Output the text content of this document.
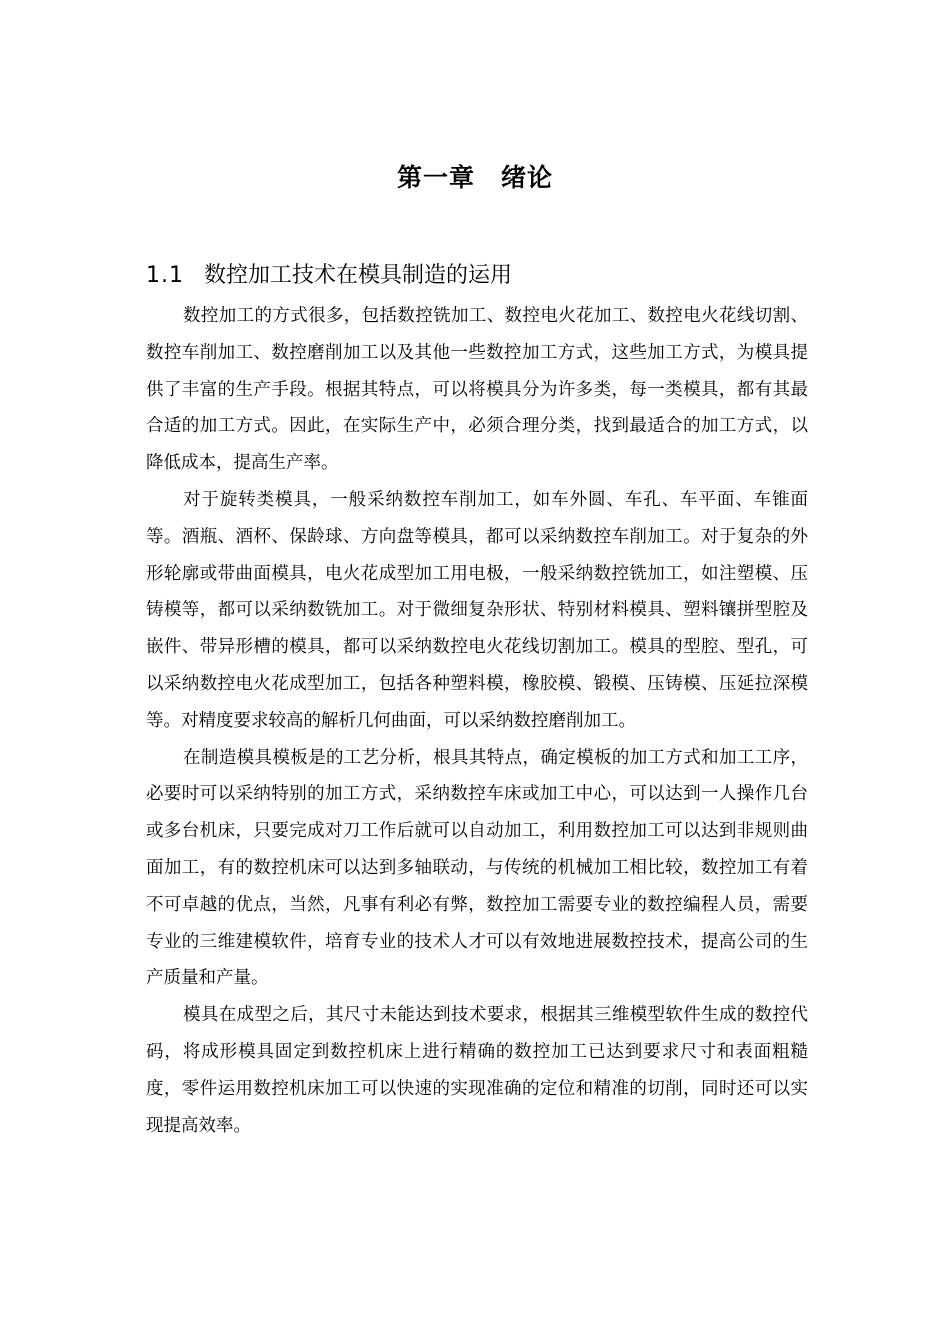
第一章　绪论
1.1 数控加工技术在模具制造的运用

数控加工的方式很多，包括数控铣加工、数控电火花加工、数控电火花线切割、数控车削加工、数控磨削加工以及其他一些数控加工方式，这些加工方式，为模具提供了丰富的生产手段。根据其特点，可以将模具分为许多类，每一类模具，都有其最合适的加工方式。因此，在实际生产中，必须合理分类，找到最适合的加工方式，以降低成本，提高生产率。

对于旋转类模具，一般采纳数控车削加工，如车外圆、车孔、车平面、车锥面等。酒瓶、酒杯、保龄球、方向盘等模具，都可以采纳数控车削加工。对于复杂的外形轮廓或带曲面模具，电火花成型加工用电极，一般采纳数控铣加工，如注塑模、压铸模等，都可以采纳数铣加工。对于微细复杂形状、特别材料模具、塑料镶拼型腔及嵌件、带异形槽的模具，都可以采纳数控电火花线切割加工。模具的型腔、型孔，可以采纳数控电火花成型加工，包括各种塑料模，橡胶模、锻模、压铸模、压延拉深模等。对精度要求较高的解析几何曲面，可以采纳数控磨削加工。

在制造模具模板是的工艺分析，根具其特点，确定模板的加工方式和加工工序，必要时可以采纳特别的加工方式，采纳数控车床或加工中心，可以达到一人操作几台或多台机床，只要完成对刀工作后就可以自动加工，利用数控加工可以达到非规则曲面加工，有的数控机床可以达到多轴联动，与传统的机械加工相比较，数控加工有着不可卓越的优点，当然，凡事有利必有弊，数控加工需要专业的数控编程人员，需要专业的三维建模软件，培育专业的技术人才可以有效地进展数控技术，提高公司的生产质量和产量。

模具在成型之后，其尺寸未能达到技术要求，根据其三维模型软件生成的数控代码，将成形模具固定到数控机床上进行精确的数控加工已达到要求尺寸和表面粗糙度，零件运用数控机床加工可以快速的实现准确的定位和精准的切削，同时还可以实现提高效率。
